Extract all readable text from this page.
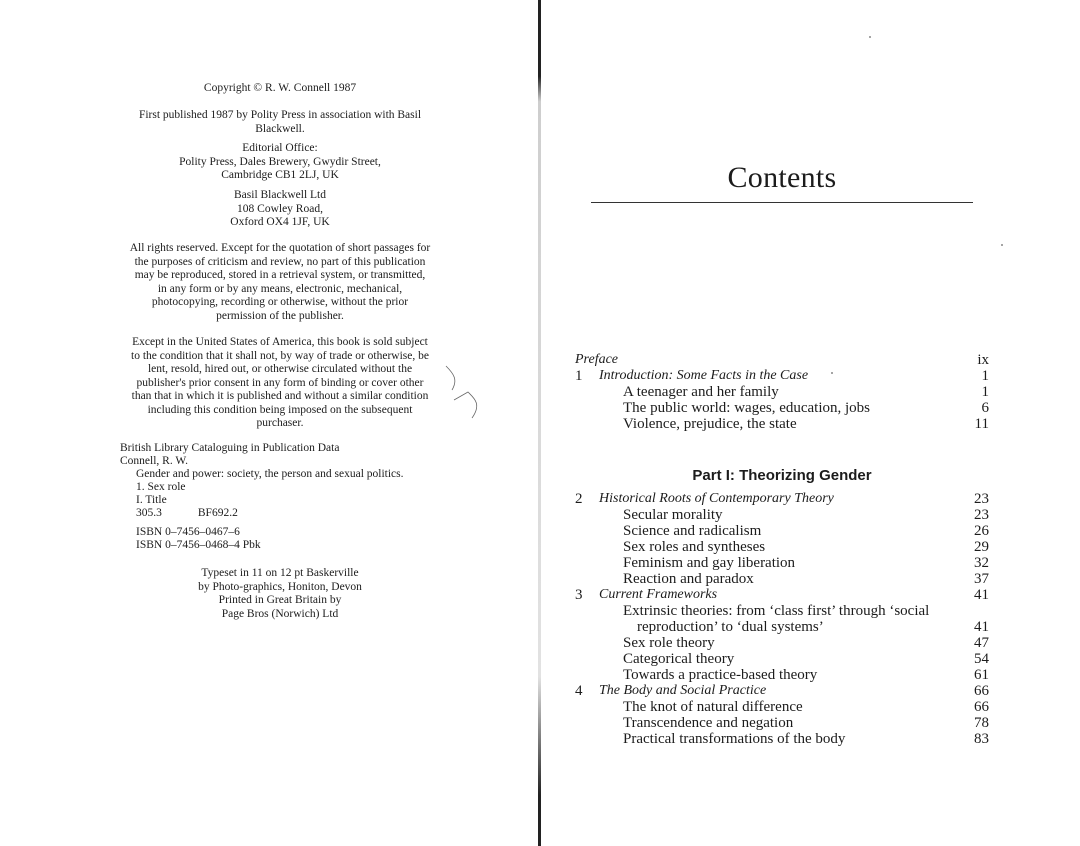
Copyright © R. W. Connell 1987
First published 1987 by Polity Press in association with Basil
Blackwell.
Editorial Office:
Polity Press, Dales Brewery, Gwydir Street,
Cambridge CB1 2LJ, UK
Basil Blackwell Ltd
108 Cowley Road,
Oxford OX4 1JF, UK
All rights reserved. Except for the quotation of short passages for
the purposes of criticism and review, no part of this publication
may be reproduced, stored in a retrieval system, or transmitted,
in any form or by any means, electronic, mechanical,
photocopying, recording or otherwise, without the prior
permission of the publisher.
Except in the United States of America, this book is sold subject
to the condition that it shall not, by way of trade or otherwise, be
lent, resold, hired out, or otherwise circulated without the
publisher's prior consent in any form of binding or cover other
than that in which it is published and without a similar condition
including this condition being imposed on the subsequent
purchaser.
British Library Cataloguing in Publication Data
Connell, R. W.
Gender and power: society, the person and sexual politics.
1. Sex role
I. Title
305.3	BF692.2
ISBN 0–7456–0467–6
ISBN 0–7456–0468–4 Pbk
Typeset in 11 on 12 pt Baskerville
by Photo-graphics, Honiton, Devon
Printed in Great Britain by
Page Bros (Norwich) Ltd
Contents
Preface	ix
1	Introduction: Some Facts in the Case	1
A teenager and her family	1
The public world: wages, education, jobs	6
Violence, prejudice, the state	11
Part I: Theorizing Gender
2	Historical Roots of Contemporary Theory	23
Secular morality	23
Science and radicalism	26
Sex roles and syntheses	29
Feminism and gay liberation	32
Reaction and paradox	37
3	Current Frameworks	41
Extrinsic theories: from ‘class first’ through ‘social
reproduction’ to ‘dual systems’	41
Sex role theory	47
Categorical theory	54
Towards a practice-based theory	61
4	The Body and Social Practice	66
The knot of natural difference	66
Transcendence and negation	78
Practical transformations of the body	83
